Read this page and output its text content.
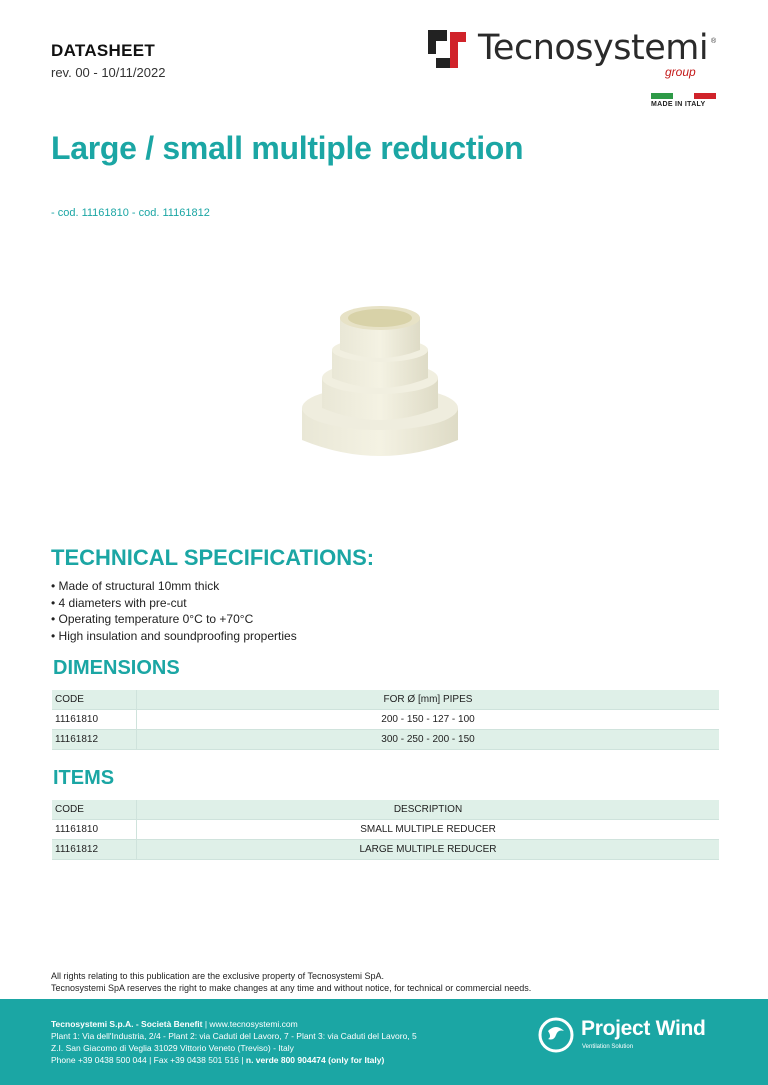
DATASHEET
rev. 00 - 10/11/2022
Tecnosystemi ®
group
MADE IN ITALY
Large / small multiple reduction
- cod. 11161810 - cod. 11161812
TECHNICAL SPECIFICATIONS:
• Made of structural 10mm thick
• 4 diameters with pre-cut
• Operating temperature 0°C to +70°C
• High insulation and soundproofing properties
DIMENSIONS
CODE	FOR Ø [mm] PIPES
11161810	200 - 150 - 127 - 100
11161812	300 - 250 - 200 - 150
ITEMS
CODE	DESCRIPTION
11161810	SMALL MULTIPLE REDUCER
11161812	LARGE MULTIPLE REDUCER
All rights relating to this publication are the exclusive property of Tecnosystemi SpA.
Tecnosystemi SpA reserves the right to make changes at any time and without notice, for technical or commercial needs.
Tecnosystemi S.p.A. - Società Benefit | www.tecnosystemi.com
Plant 1: Via dell'Industria, 2/4 - Plant 2: via Caduti del Lavoro, 7 - Plant 3: via Caduti del Lavoro, 5
Z.I. San Giacomo di Veglia 31029 Vittorio Veneto (Treviso) - Italy
Phone +39 0438 500 044 | Fax +39 0438 501 516 | n. verde 800 904474 (only for Italy)
Project Wind
Ventilation Solution
